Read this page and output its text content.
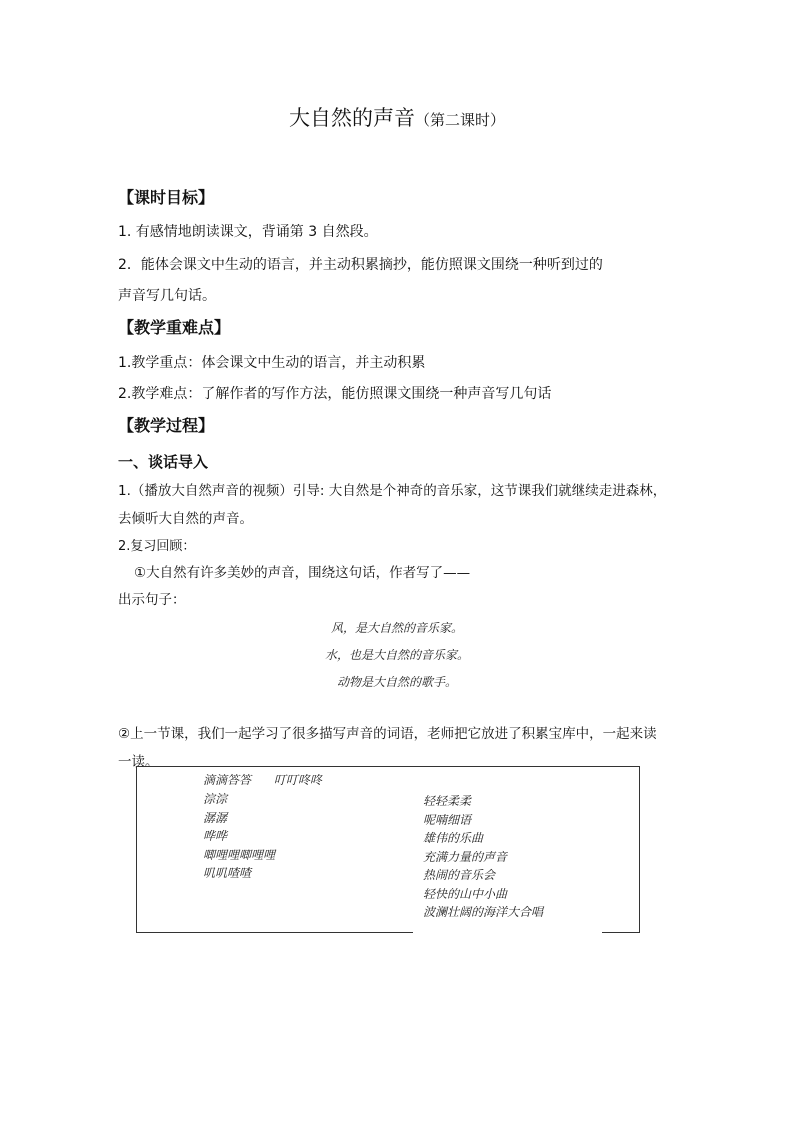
大自然的声音（第二课时）
【课时目标】
1. 有感情地朗读课文，背诵第 3 自然段。
2．能体会课文中生动的语言，并主动积累摘抄，能仿照课文围绕一种听到过的
声音写几句话。
【教学重难点】
1.教学重点：体会课文中生动的语言，并主动积累
2.教学难点：了解作者的写作方法，能仿照课文围绕一种声音写几句话
【教学过程】
一、谈话导入
1.（播放大自然声音的视频）引导: 大自然是个神奇的音乐家，这节课我们就继续走进森林，
去倾听大自然的声音。
2.复习回顾：
①大自然有许多美妙的声音，围绕这句话，作者写了——
出示句子：
风，是大自然的音乐家。
水，也是大自然的音乐家。
动物是大自然的歌手。
②上一节课，我们一起学习了很多描写声音的词语，老师把它放进了积累宝库中，一起来读
一读。
滴滴答答      叮叮咚咚
淙淙
潺潺
哗哗
唧哩哩唧哩哩
叽叽喳喳
轻轻柔柔
呢喃细语
雄伟的乐曲
充满力量的声音
热闹的音乐会
轻快的山中小曲
波澜壮阔的海洋大合唱
